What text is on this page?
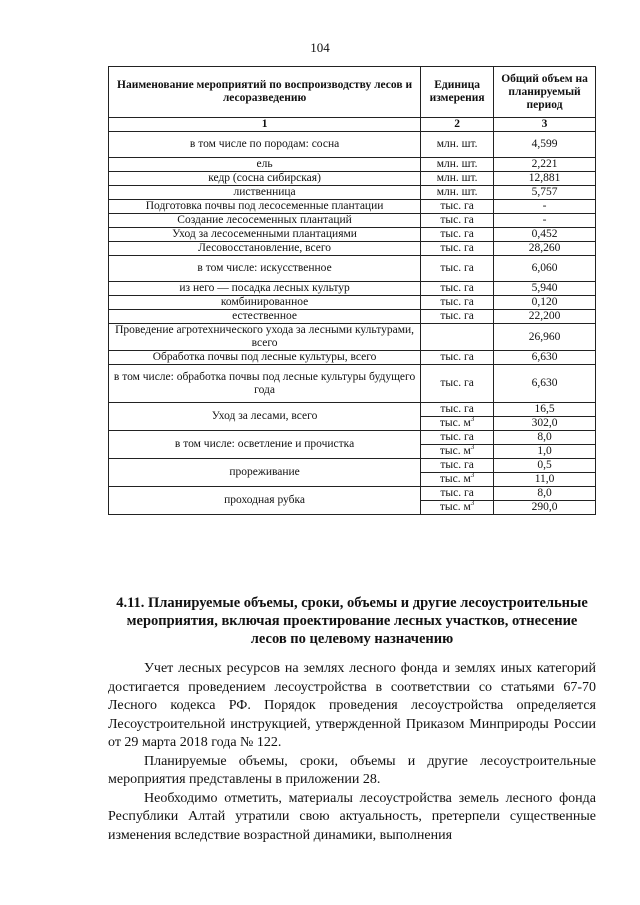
104
Наименование мероприятий по воспроизводству лесов и лесоразведению	Единица измерения	Общий объем на планируемый период
1	2	3
в том числе по породам: сосна	млн. шт.	4,599
ель	млн. шт.	2,221
кедр (сосна сибирская)	млн. шт.	12,881
лиственница	млн. шт.	5,757
Подготовка почвы под лесосеменные плантации	тыс. га	-
Создание лесосеменных плантаций	тыс. га	-
Уход за лесосеменными плантациями	тыс. га	0,452
Лесовосстановление, всего	тыс. га	28,260
в том числе: искусственное	тыс. га	6,060
из него — посадка лесных культур	тыс. га	5,940
комбинированное	тыс. га	0,120
естественное	тыс. га	22,200
Проведение агротехнического ухода за лесными культурами, всего		26,960
Обработка почвы под лесные культуры, всего	тыс. га	6,630
в том числе: обработка почвы под лесные культуры будущего года	тыс. га	6,630
Уход за лесами, всего	тыс. га	16,5
	тыс. $м^3$	302,0
в том числе: осветление и прочистка	тыс. га	8,0
	тыс. $м^3$	1,0
прореживание	тыс. га	0,5
	тыс. $м^3$	11,0
проходная рубка	тыс. га	8,0
	тыс. $м^3$	290,0
4.11. Планируемые объемы, сроки, объемы и другие лесоустроительные мероприятия, включая проектирование лесных участков, отнесение лесов по целевому назначению

Учет лесных ресурсов на землях лесного фонда и землях иных категорий достигается проведением лесоустройства в соответствии со статьями 67-70 Лесного кодекса РФ. Порядок проведения лесоустройства определяется Лесоустроительной инструкцией, утвержденной Приказом Минприроды России от 29 марта 2018 года № 122.

Планируемые объемы, сроки, объемы и другие лесоустроительные мероприятия представлены в приложении 28.

Необходимо отметить, материалы лесоустройства земель лесного фонда Республики Алтай утратили свою актуальность, претерпели существенные изменения вследствие возрастной динамики, выполнения
